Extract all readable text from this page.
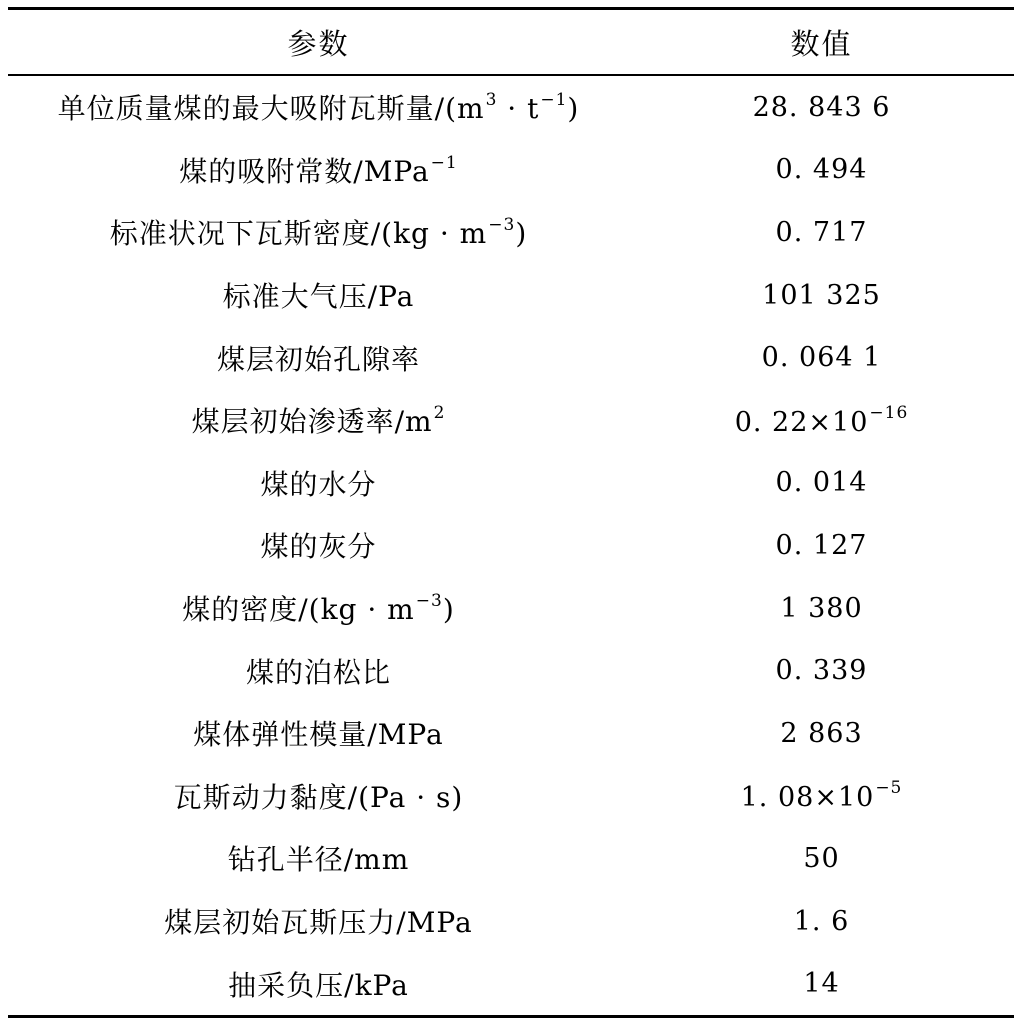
参数	数值
单位质量煤的最大吸附瓦斯量$/(m^3 \cdot t^{-1})$	28. 843 6
煤的吸附常数/MPa$^{-1}$	0. 494
标准状况下瓦斯密度$/(kg \cdot m^{-3})$	0. 717
标准大气压/Pa	101 325
煤层初始孔隙率	0. 064 1
煤层初始渗透率$/m^2$	0. $22\times 10^{-16}$
煤的水分	0. 014
煤的灰分	0. 127
煤的密度$/(kg \cdot m^{-3})$	1 380
煤的泊松比	0. 339
煤体弹性模量/MPa	2 863
瓦斯动力黏度/(Pa · s)	1. $08\times 10^{-5}$
钻孔半径/mm	50
煤层初始瓦斯压力/MPa	1. 6
抽采负压/kPa	14
